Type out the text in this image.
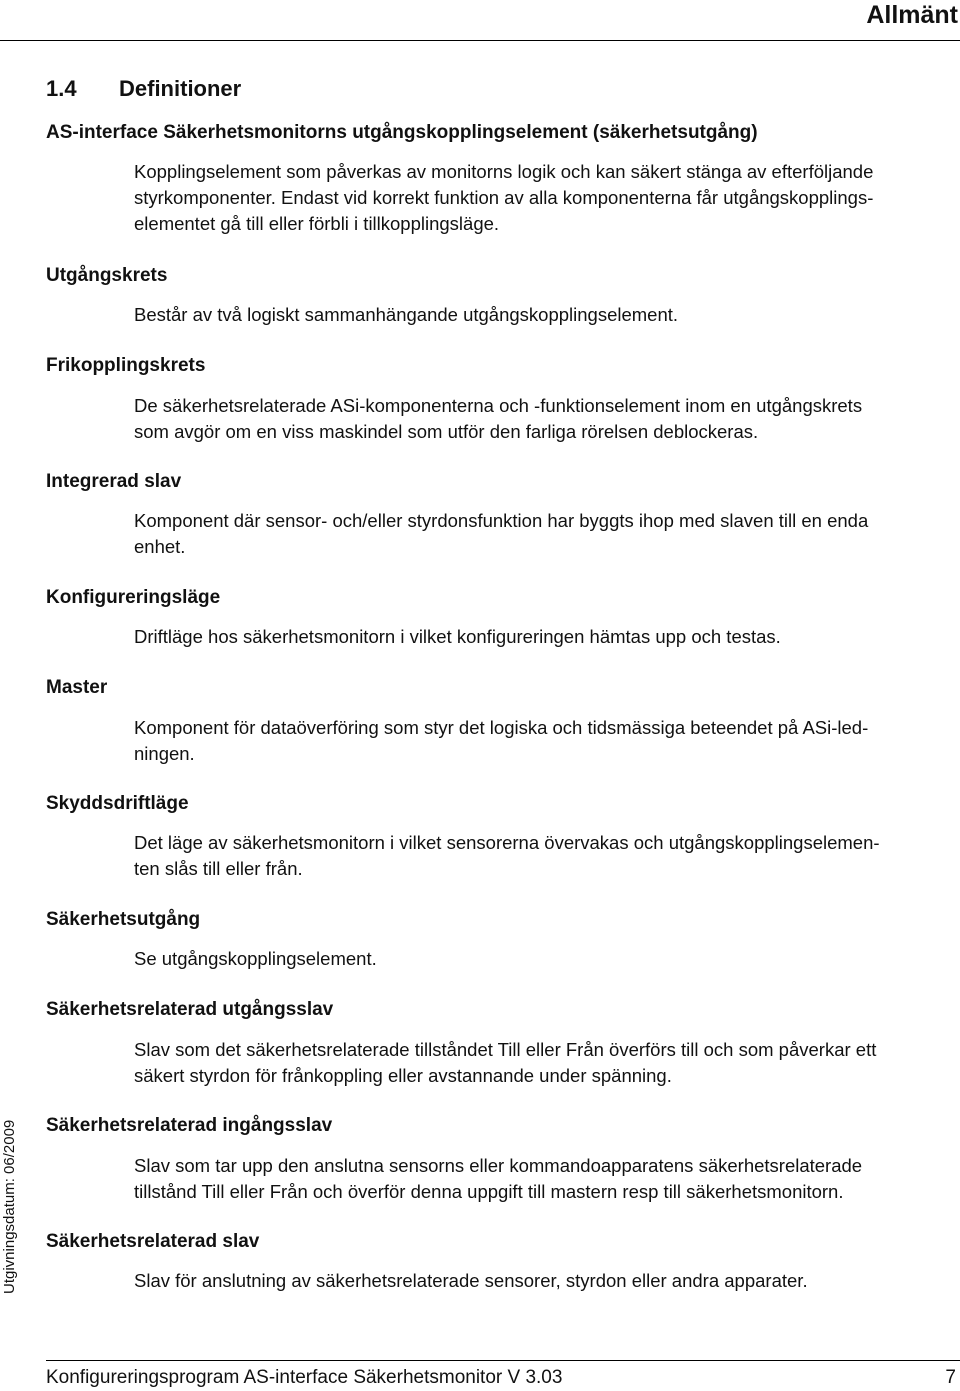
Allmänt
1.4 Definitioner
AS-interface Säkerhetsmonitorns utgångskopplingselement (säkerhetsutgång)
Kopplingselement som påverkas av monitorns logik och kan säkert stänga av efterföljande
styrkomponenter. Endast vid korrekt funktion av alla komponenterna får utgångskopplings-
elementet gå till eller förbli i tillkopplingsläge.
Utgångskrets
Består av två logiskt sammanhängande utgångskopplingselement.
Frikopplingskrets
De säkerhetsrelaterade ASi-komponenterna och -funktionselement inom en utgångskrets
som avgör om en viss maskindel som utför den farliga rörelsen deblockeras.
Integrerad slav
Komponent där sensor- och/eller styrdonsfunktion har byggts ihop med slaven till en enda
enhet.
Konfigureringsläge
Driftläge hos säkerhetsmonitorn i vilket konfigureringen hämtas upp och testas.
Master
Komponent för dataöverföring som styr det logiska och tidsmässiga beteendet på ASi-led-
ningen.
Skyddsdriftläge
Det läge av säkerhetsmonitorn i vilket sensorerna övervakas och utgångskopplingselemen-
ten slås till eller från.
Säkerhetsutgång
Se utgångskopplingselement.
Säkerhetsrelaterad utgångsslav
Slav som det säkerhetsrelaterade tillståndet Till eller Från överförs till och som påverkar ett
säkert styrdon för frånkoppling eller avstannande under spänning.
Säkerhetsrelaterad ingångsslav
Slav som tar upp den anslutna sensorns eller kommandoapparatens säkerhetsrelaterade
tillstånd Till eller Från och överför denna uppgift till mastern resp till säkerhetsmonitorn.
Säkerhetsrelaterad slav
Slav för anslutning av säkerhetsrelaterade sensorer, styrdon eller andra apparater.
Utgivningsdatum: 06/2009
Konfigureringsprogram AS-interface Säkerhetsmonitor V 3.03	7
